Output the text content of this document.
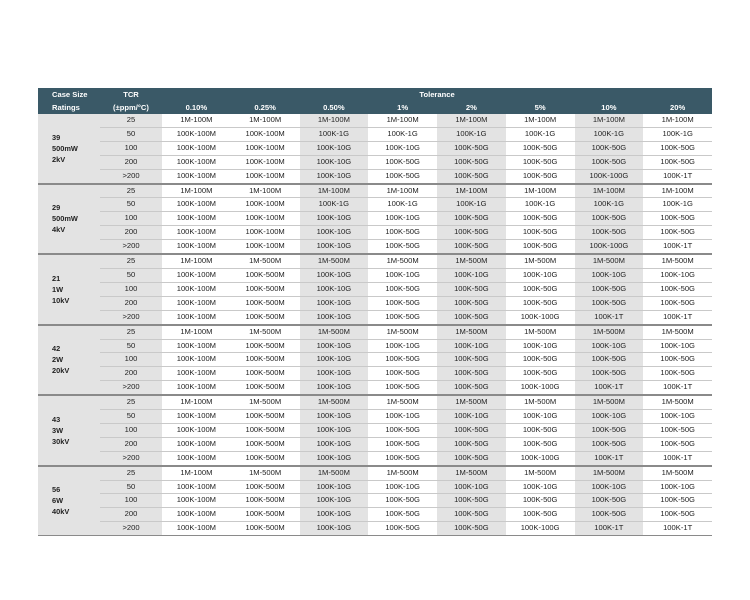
Case Size	TCR	Tolerance							
Ratings	(±ppm/°C)	0.10%	0.25%	0.50%	1%	2%	5%	10%	20%

39
500mW
2kV	25	1M-100M	1M-100M	1M-100M	1M-100M	1M-100M	1M-100M	1M-100M	1M-100M
	50	100K-100M	100K-100M	100K-1G	100K-1G	100K-1G	100K-1G	100K-1G	100K-1G
	100	100K-100M	100K-100M	100K-10G	100K-10G	100K-50G	100K-50G	100K-50G	100K-50G
	200	100K-100M	100K-100M	100K-10G	100K-50G	100K-50G	100K-50G	100K-50G	100K-50G
	>200	100K-100M	100K-100M	100K-10G	100K-50G	100K-50G	100K-50G	100K-100G	100K-1T

29
500mW
4kV	25	1M-100M	1M-100M	1M-100M	1M-100M	1M-100M	1M-100M	1M-100M	1M-100M
	50	100K-100M	100K-100M	100K-1G	100K-1G	100K-1G	100K-1G	100K-1G	100K-1G
	100	100K-100M	100K-100M	100K-10G	100K-10G	100K-50G	100K-50G	100K-50G	100K-50G
	200	100K-100M	100K-100M	100K-10G	100K-50G	100K-50G	100K-50G	100K-50G	100K-50G
	>200	100K-100M	100K-100M	100K-10G	100K-50G	100K-50G	100K-50G	100K-100G	100K-1T

21
1W
10kV	25	1M-100M	1M-500M	1M-500M	1M-500M	1M-500M	1M-500M	1M-500M	1M-500M
	50	100K-100M	100K-500M	100K-10G	100K-10G	100K-10G	100K-10G	100K-10G	100K-10G
	100	100K-100M	100K-500M	100K-10G	100K-50G	100K-50G	100K-50G	100K-50G	100K-50G
	200	100K-100M	100K-500M	100K-10G	100K-50G	100K-50G	100K-50G	100K-50G	100K-50G
	>200	100K-100M	100K-500M	100K-10G	100K-50G	100K-50G	100K-100G	100K-1T	100K-1T

42
2W
20kV	25	1M-100M	1M-500M	1M-500M	1M-500M	1M-500M	1M-500M	1M-500M	1M-500M
	50	100K-100M	100K-500M	100K-10G	100K-10G	100K-10G	100K-10G	100K-10G	100K-10G
	100	100K-100M	100K-500M	100K-10G	100K-50G	100K-50G	100K-50G	100K-50G	100K-50G
	200	100K-100M	100K-500M	100K-10G	100K-50G	100K-50G	100K-50G	100K-50G	100K-50G
	>200	100K-100M	100K-500M	100K-10G	100K-50G	100K-50G	100K-100G	100K-1T	100K-1T

43
3W
30kV	25	1M-100M	1M-500M	1M-500M	1M-500M	1M-500M	1M-500M	1M-500M	1M-500M
	50	100K-100M	100K-500M	100K-10G	100K-10G	100K-10G	100K-10G	100K-10G	100K-10G
	100	100K-100M	100K-500M	100K-10G	100K-50G	100K-50G	100K-50G	100K-50G	100K-50G
	200	100K-100M	100K-500M	100K-10G	100K-50G	100K-50G	100K-50G	100K-50G	100K-50G
	>200	100K-100M	100K-500M	100K-10G	100K-50G	100K-50G	100K-100G	100K-1T	100K-1T

56
6W
40kV	25	1M-100M	1M-500M	1M-500M	1M-500M	1M-500M	1M-500M	1M-500M	1M-500M
	50	100K-100M	100K-500M	100K-10G	100K-10G	100K-10G	100K-10G	100K-10G	100K-10G
	100	100K-100M	100K-500M	100K-10G	100K-50G	100K-50G	100K-50G	100K-50G	100K-50G
	200	100K-100M	100K-500M	100K-10G	100K-50G	100K-50G	100K-50G	100K-50G	100K-50G
	>200	100K-100M	100K-500M	100K-10G	100K-50G	100K-50G	100K-100G	100K-1T	100K-1T
